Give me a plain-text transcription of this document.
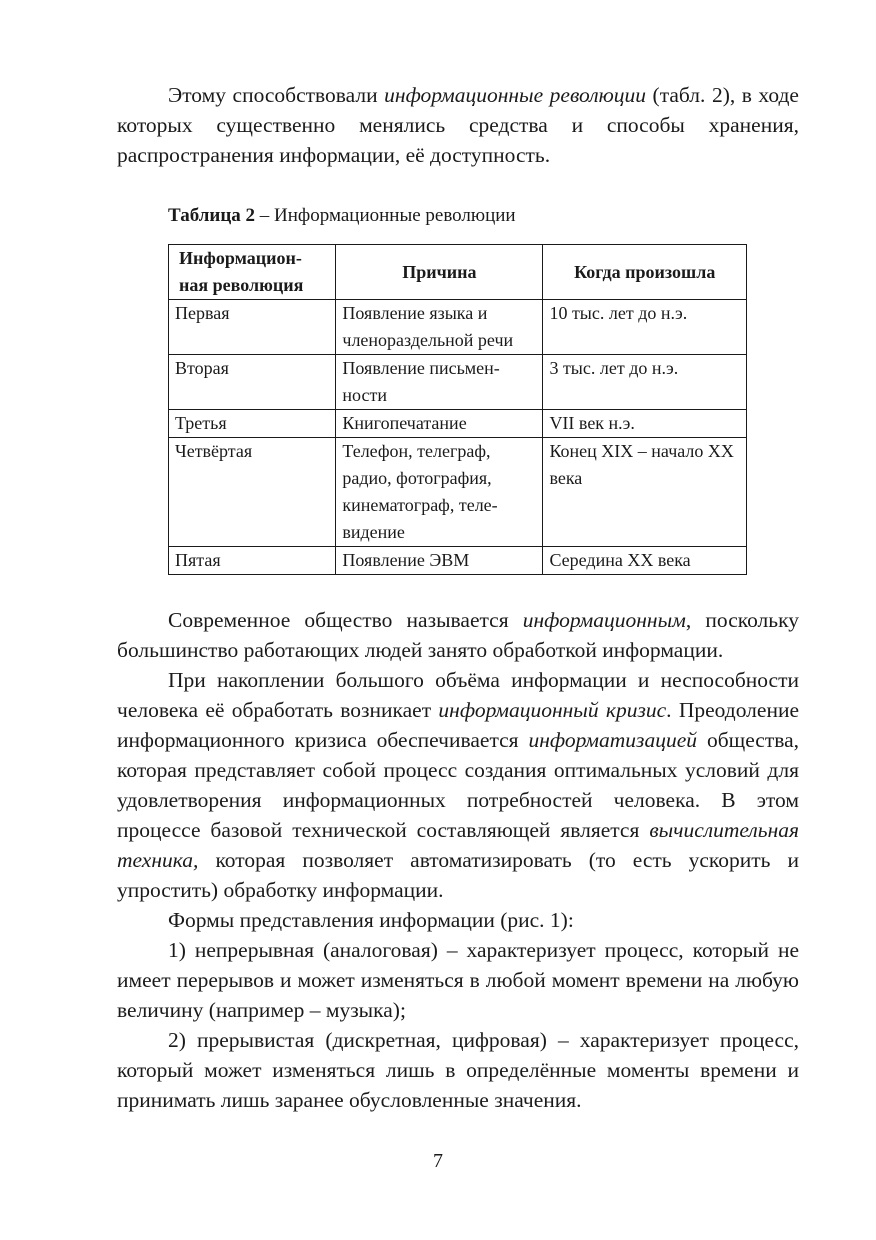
Этому способствовали информационные революции (табл. 2), в ходе которых существенно менялись средства и способы хранения, распространения информации, её доступность.

Таблица 2 – Информационные революции
Информацион-ная революция	Причина	Когда произошла
Первая	Появление языка и членораздельной речи	10 тыс. лет до н.э.
Вторая	Появление письмен-ности	3 тыс. лет до н.э.
Третья	Книгопечатание	VII век н.э.
Четвёртая	Телефон, телеграф, радио, фотография, кинематограф, теле-видение	Конец XIX – начало XX века
Пятая	Появление ЭВМ	Середина XX века

Современное общество называется информационным, поскольку большинство работающих людей занято обработкой информации.

При накоплении большого объёма информации и неспособности человека её обработать возникает информационный кризис. Преодоление информационного кризиса обеспечивается информатизацией общества, которая представляет собой процесс создания оптимальных условий для удовлетворения информационных потребностей человека. В этом процессе базовой технической составляющей является вычислительная техника, которая позволяет автоматизировать (то есть ускорить и упростить) обработку информации.

Формы представления информации (рис. 1):

1) непрерывная (аналоговая) – характеризует процесс, который не имеет перерывов и может изменяться в любой момент времени на любую величину (например – музыка);

2) прерывистая (дискретная, цифровая) – характеризует процесс, который может изменяться лишь в определённые моменты времени и принимать лишь заранее обусловленные значения.

7
